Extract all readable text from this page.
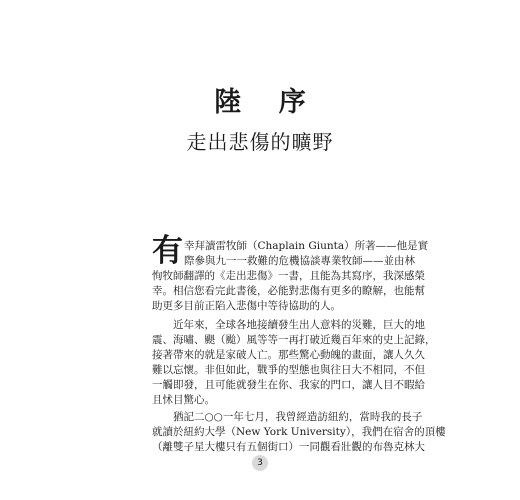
陸 序
走出悲傷的曠野
有 幸拜讀雷牧師（Chaplain Giunta）所著——他是實
際參與九一一救難的危機協談專業牧師——並由林
恂牧師翻譯的《走出悲傷》一書，且能為其寫序，我深感榮
幸。相信您看完此書後，必能對悲傷有更多的瞭解，也能幫
助更多目前正陷入悲傷中等待協助的人。
　　近年來，全球各地接續發生出人意料的災難，巨大的地
震、海嘯、颶（颱）風等等一再打破近幾百年來的史上記錄，
接著帶來的就是家破人亡。那些驚心動魄的畫面，讓人久久
難以忘懷。非但如此，戰爭的型態也與往日大不相同，不但
一觸即發，且可能就發生在你、我家的門口，讓人目不暇給
且怵目驚心。
　　猶記二○○一年七月，我曾經造訪紐約，當時我的長子
就讀於紐約大學（New York University），我們在宿舍的頂樓
（離雙子星大樓只有五個街口）一同觀看壯觀的布魯克林大
3
